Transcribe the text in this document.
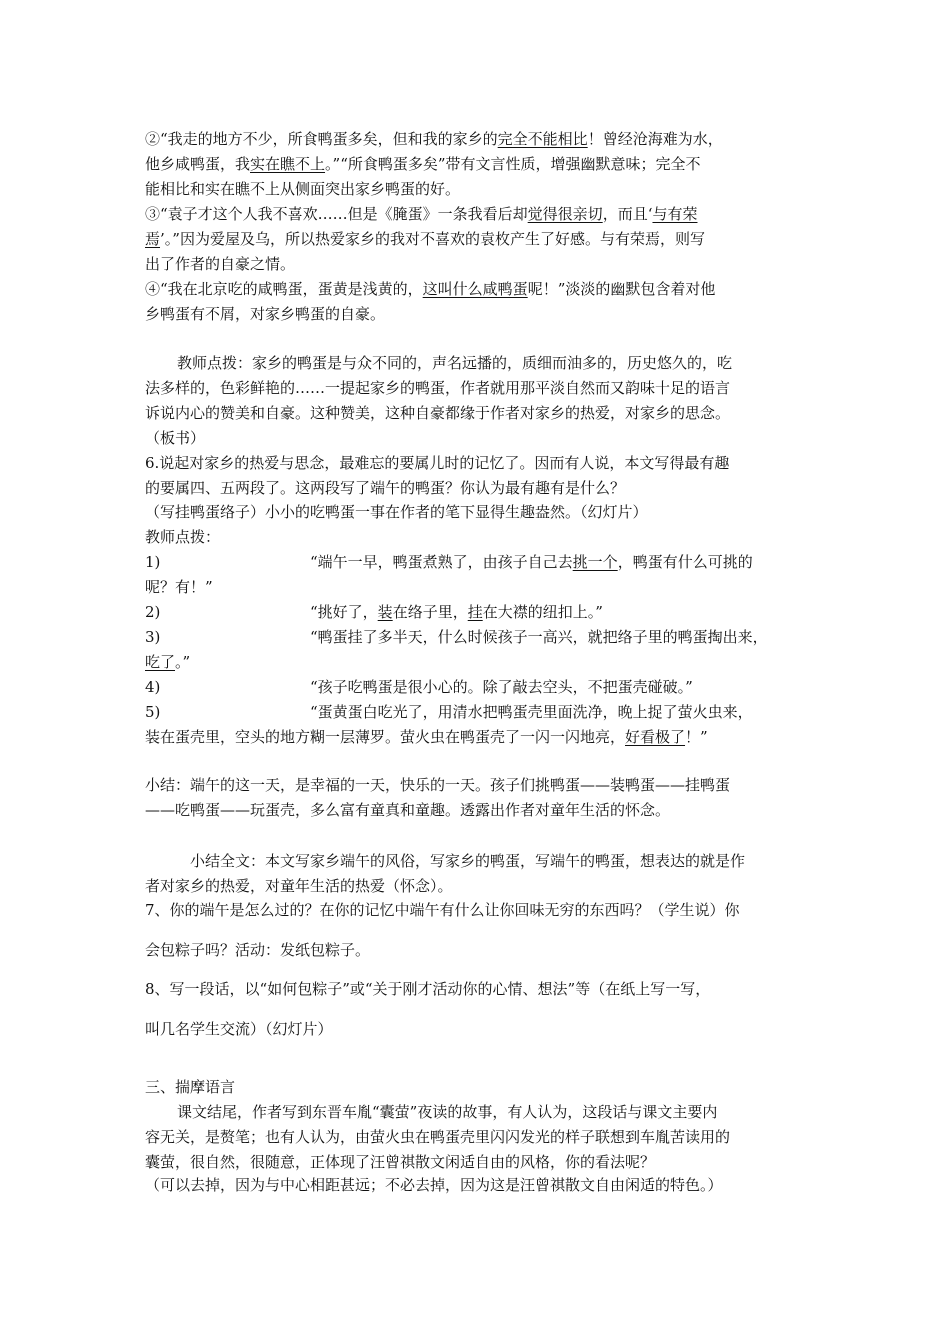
②“我走的地方不少，所食鸭蛋多矣，但和我的家乡的完全不能相比！曾经沧海难为水，
他乡咸鸭蛋，我实在瞧不上。”“所食鸭蛋多矣”带有文言性质，增强幽默意味；完全不
能相比和实在瞧不上从侧面突出家乡鸭蛋的好。
③“袁子才这个人我不喜欢……但是《腌蛋》一条我看后却觉得很亲切，而且‘与有荣
焉’。”因为爱屋及乌，所以热爱家乡的我对不喜欢的袁枚产生了好感。与有荣焉，则写
出了作者的自豪之情。
④“我在北京吃的咸鸭蛋，蛋黄是浅黄的，这叫什么咸鸭蛋呢！”淡淡的幽默包含着对他
乡鸭蛋有不屑，对家乡鸭蛋的自豪。
教师点拨：家乡的鸭蛋是与众不同的，声名远播的，质细而油多的，历史悠久的，吃
法多样的，色彩鲜艳的……一提起家乡的鸭蛋，作者就用那平淡自然而又韵味十足的语言
诉说内心的赞美和自豪。这种赞美，这种自豪都缘于作者对家乡的热爱，对家乡的思念。
（板书）
6.说起对家乡的热爱与思念，最难忘的要属儿时的记忆了。因而有人说，本文写得最有趣
的要属四、五两段了。这两段写了端午的鸭蛋？你认为最有趣有是什么？
（写挂鸭蛋络子）小小的吃鸭蛋一事在作者的笔下显得生趣盎然。（幻灯片）
教师点拨：
1)	“端午一早，鸭蛋煮熟了，由孩子自己去挑一个，鸭蛋有什么可挑的
呢？有！”
2)	“挑好了，装在络子里，挂在大襟的纽扣上。”
3)	“鸭蛋挂了多半天，什么时候孩子一高兴，就把络子里的鸭蛋掏出来，
吃了。”
4)	“孩子吃鸭蛋是很小心的。除了敲去空头，不把蛋壳碰破。”
5)	“蛋黄蛋白吃光了，用清水把鸭蛋壳里面洗净，晚上捉了萤火虫来，
装在蛋壳里，空头的地方糊一层薄罗。萤火虫在鸭蛋壳了一闪一闪地亮，好看极了！”
小结：端午的这一天，是幸福的一天，快乐的一天。孩子们挑鸭蛋——装鸭蛋——挂鸭蛋
——吃鸭蛋——玩蛋壳，多么富有童真和童趣。透露出作者对童年生活的怀念。
小结全文：本文写家乡端午的风俗，写家乡的鸭蛋，写端午的鸭蛋，想表达的就是作
者对家乡的热爱，对童年生活的热爱（怀念）。
7、你的端午是怎么过的？在你的记忆中端午有什么让你回味无穷的东西吗？（学生说）你
会包粽子吗？活动：发纸包粽子。
8、写一段话，以“如何包粽子”或“关于刚才活动你的心情、想法”等（在纸上写一写，
叫几名学生交流）（幻灯片）
三、揣摩语言
课文结尾，作者写到东晋车胤“囊萤”夜读的故事，有人认为，这段话与课文主要内
容无关，是赘笔；也有人认为，由萤火虫在鸭蛋壳里闪闪发光的样子联想到车胤苦读用的
囊萤，很自然，很随意，正体现了汪曾祺散文闲适自由的风格，你的看法呢？
（可以去掉，因为与中心相距甚远；不必去掉，因为这是汪曾祺散文自由闲适的特色。）
